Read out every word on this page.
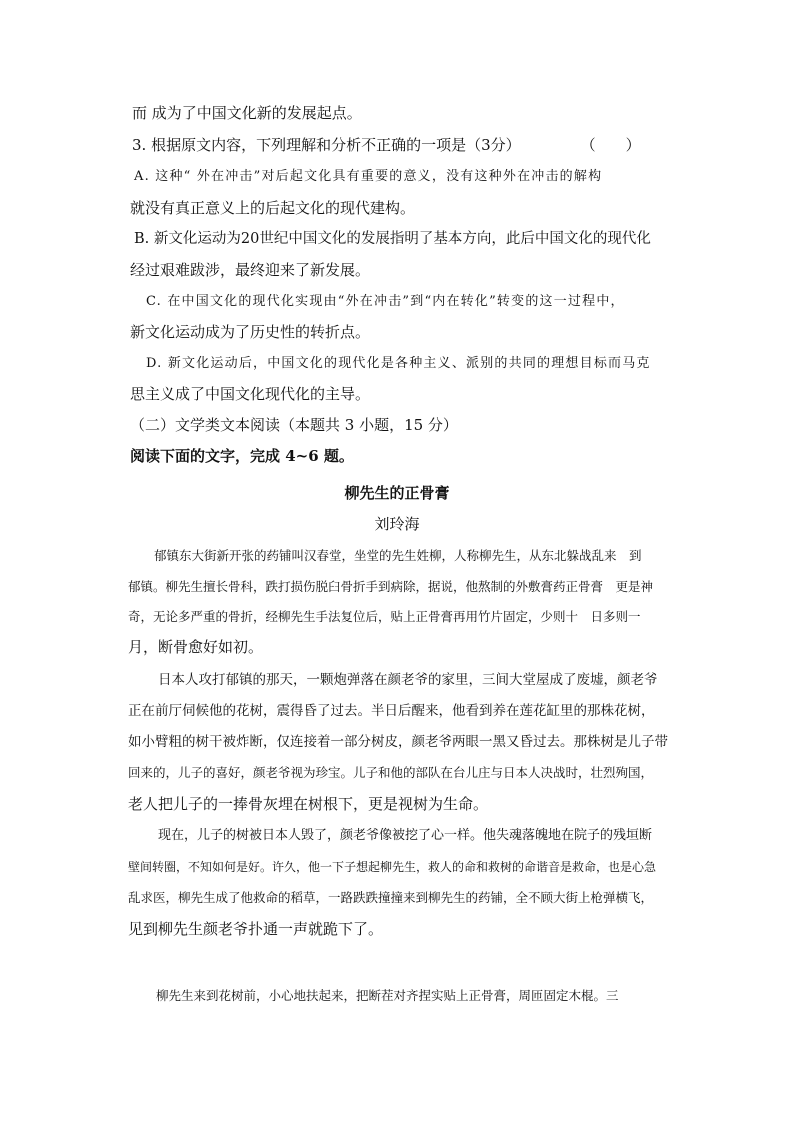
而 成为了中国文化新的发展起点。
3. 根据原文内容，下列理解和分析不正确的一项是（3分）	（　　）
A. 这种“ 外在冲击”对后起文化具有重要的意义，没有这种外在冲击的解构
就没有真正意义上的后起文化的现代建构。
B. 新文化运动为20世纪中国文化的发展指明了基本方向，此后中国文化的现代化
经过艰难跋涉，最终迎来了新发展。
C. 在中国文化的现代化实现由“外在冲击”到“内在转化”转变的这一过程中，
新文化运动成为了历史性的转折点。
D. 新文化运动后，中国文化的现代化是各种主义、派别的共同的理想目标而马克
思主义成了中国文化现代化的主导。
（二）文学类文本阅读（本题共 3 小题，15 分）
阅读下面的文字，完成 4~6 题。
柳先生的正骨膏
刘玲海
郁镇东大街新开张的药铺叫汉春堂，坐堂的先生姓柳，人称柳先生，从东北躲战乱来　到
郁镇。柳先生擅长骨科，跌打损伤脱臼骨折手到病除，据说，他熬制的外敷膏药正骨膏　更是神
奇，无论多严重的骨折，经柳先生手法复位后，贴上正骨膏再用竹片固定，少则十　日多则一
月，断骨愈好如初。
日本人攻打郁镇的那天，一颗炮弹落在颜老爷的家里，三间大堂屋成了废墟，颜老爷
正在前厅伺候他的花树，震得昏了过去。半日后醒来，他看到养在莲花缸里的那株花树，
如小臂粗的树干被炸断，仅连接着一部分树皮，颜老爷两眼一黑又昏过去。那株树是儿子带
回来的，儿子的喜好，颜老爷视为珍宝。儿子和他的部队在台儿庄与日本人决战时，壮烈殉国，
老人把儿子的一捧骨灰埋在树根下，更是视树为生命。
现在，儿子的树被日本人毁了，颜老爷像被挖了心一样。他失魂落魄地在院子的残垣断
壁间转圈，不知如何是好。许久，他一下子想起柳先生，救人的命和救树的命谐音是救命，也是心急
乱求医，柳先生成了他救命的稻草，一路跌跌撞撞来到柳先生的药铺，全不顾大街上枪弹横飞，
见到柳先生颜老爷扑通一声就跪下了。
柳先生来到花树前，小心地扶起来，把断茬对齐捏实贴上正骨膏，周匝固定木棍。三
